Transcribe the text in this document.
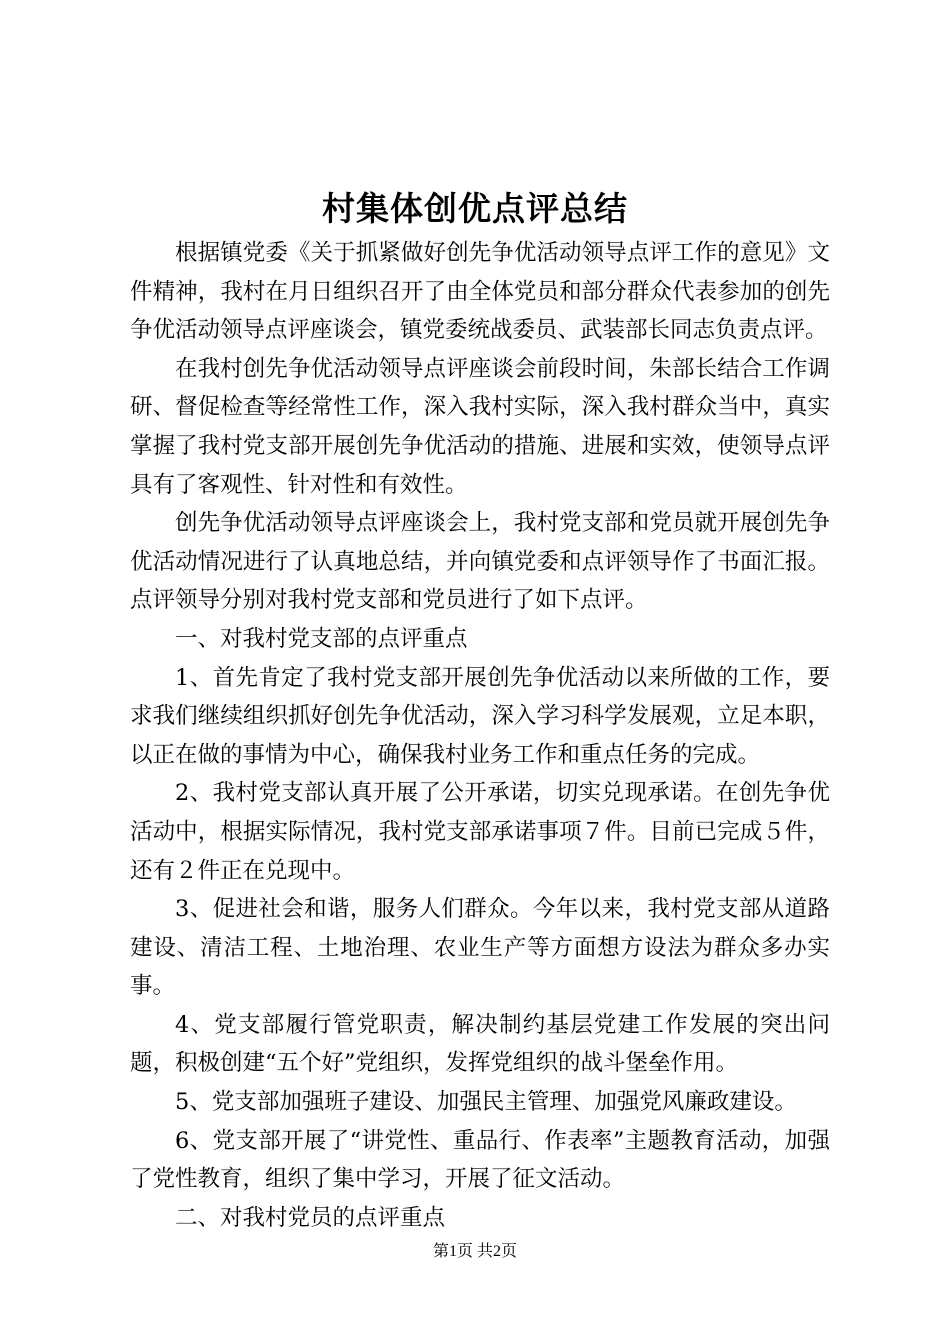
村集体创优点评总结

根据镇党委《关于抓紧做好创先争优活动领导点评工作的意见》文件精神，我村在月日组织召开了由全体党员和部分群众代表参加的创先争优活动领导点评座谈会，镇党委统战委员、武装部长同志负责点评。

在我村创先争优活动领导点评座谈会前段时间，朱部长结合工作调研、督促检查等经常性工作，深入我村实际，深入我村群众当中，真实掌握了我村党支部开展创先争优活动的措施、进展和实效，使领导点评具有了客观性、针对性和有效性。

创先争优活动领导点评座谈会上，我村党支部和党员就开展创先争优活动情况进行了认真地总结，并向镇党委和点评领导作了书面汇报。点评领导分别对我村党支部和党员进行了如下点评。

一、对我村党支部的点评重点

1、首先肯定了我村党支部开展创先争优活动以来所做的工作，要求我们继续组织抓好创先争优活动，深入学习科学发展观，立足本职，以正在做的事情为中心，确保我村业务工作和重点任务的完成。

2、我村党支部认真开展了公开承诺，切实兑现承诺。在创先争优活动中，根据实际情况，我村党支部承诺事项７件。目前已完成５件，还有２件正在兑现中。

3、促进社会和谐，服务人们群众。今年以来，我村党支部从道路建设、清洁工程、土地治理、农业生产等方面想方设法为群众多办实事。

4、党支部履行管党职责，解决制约基层党建工作发展的突出问题，积极创建“五个好”党组织，发挥党组织的战斗堡垒作用。

5、党支部加强班子建设、加强民主管理、加强党风廉政建设。

6、党支部开展了“讲党性、重品行、作表率”主题教育活动，加强了党性教育，组织了集中学习，开展了征文活动。

二、对我村党员的点评重点

第1页 共2页
